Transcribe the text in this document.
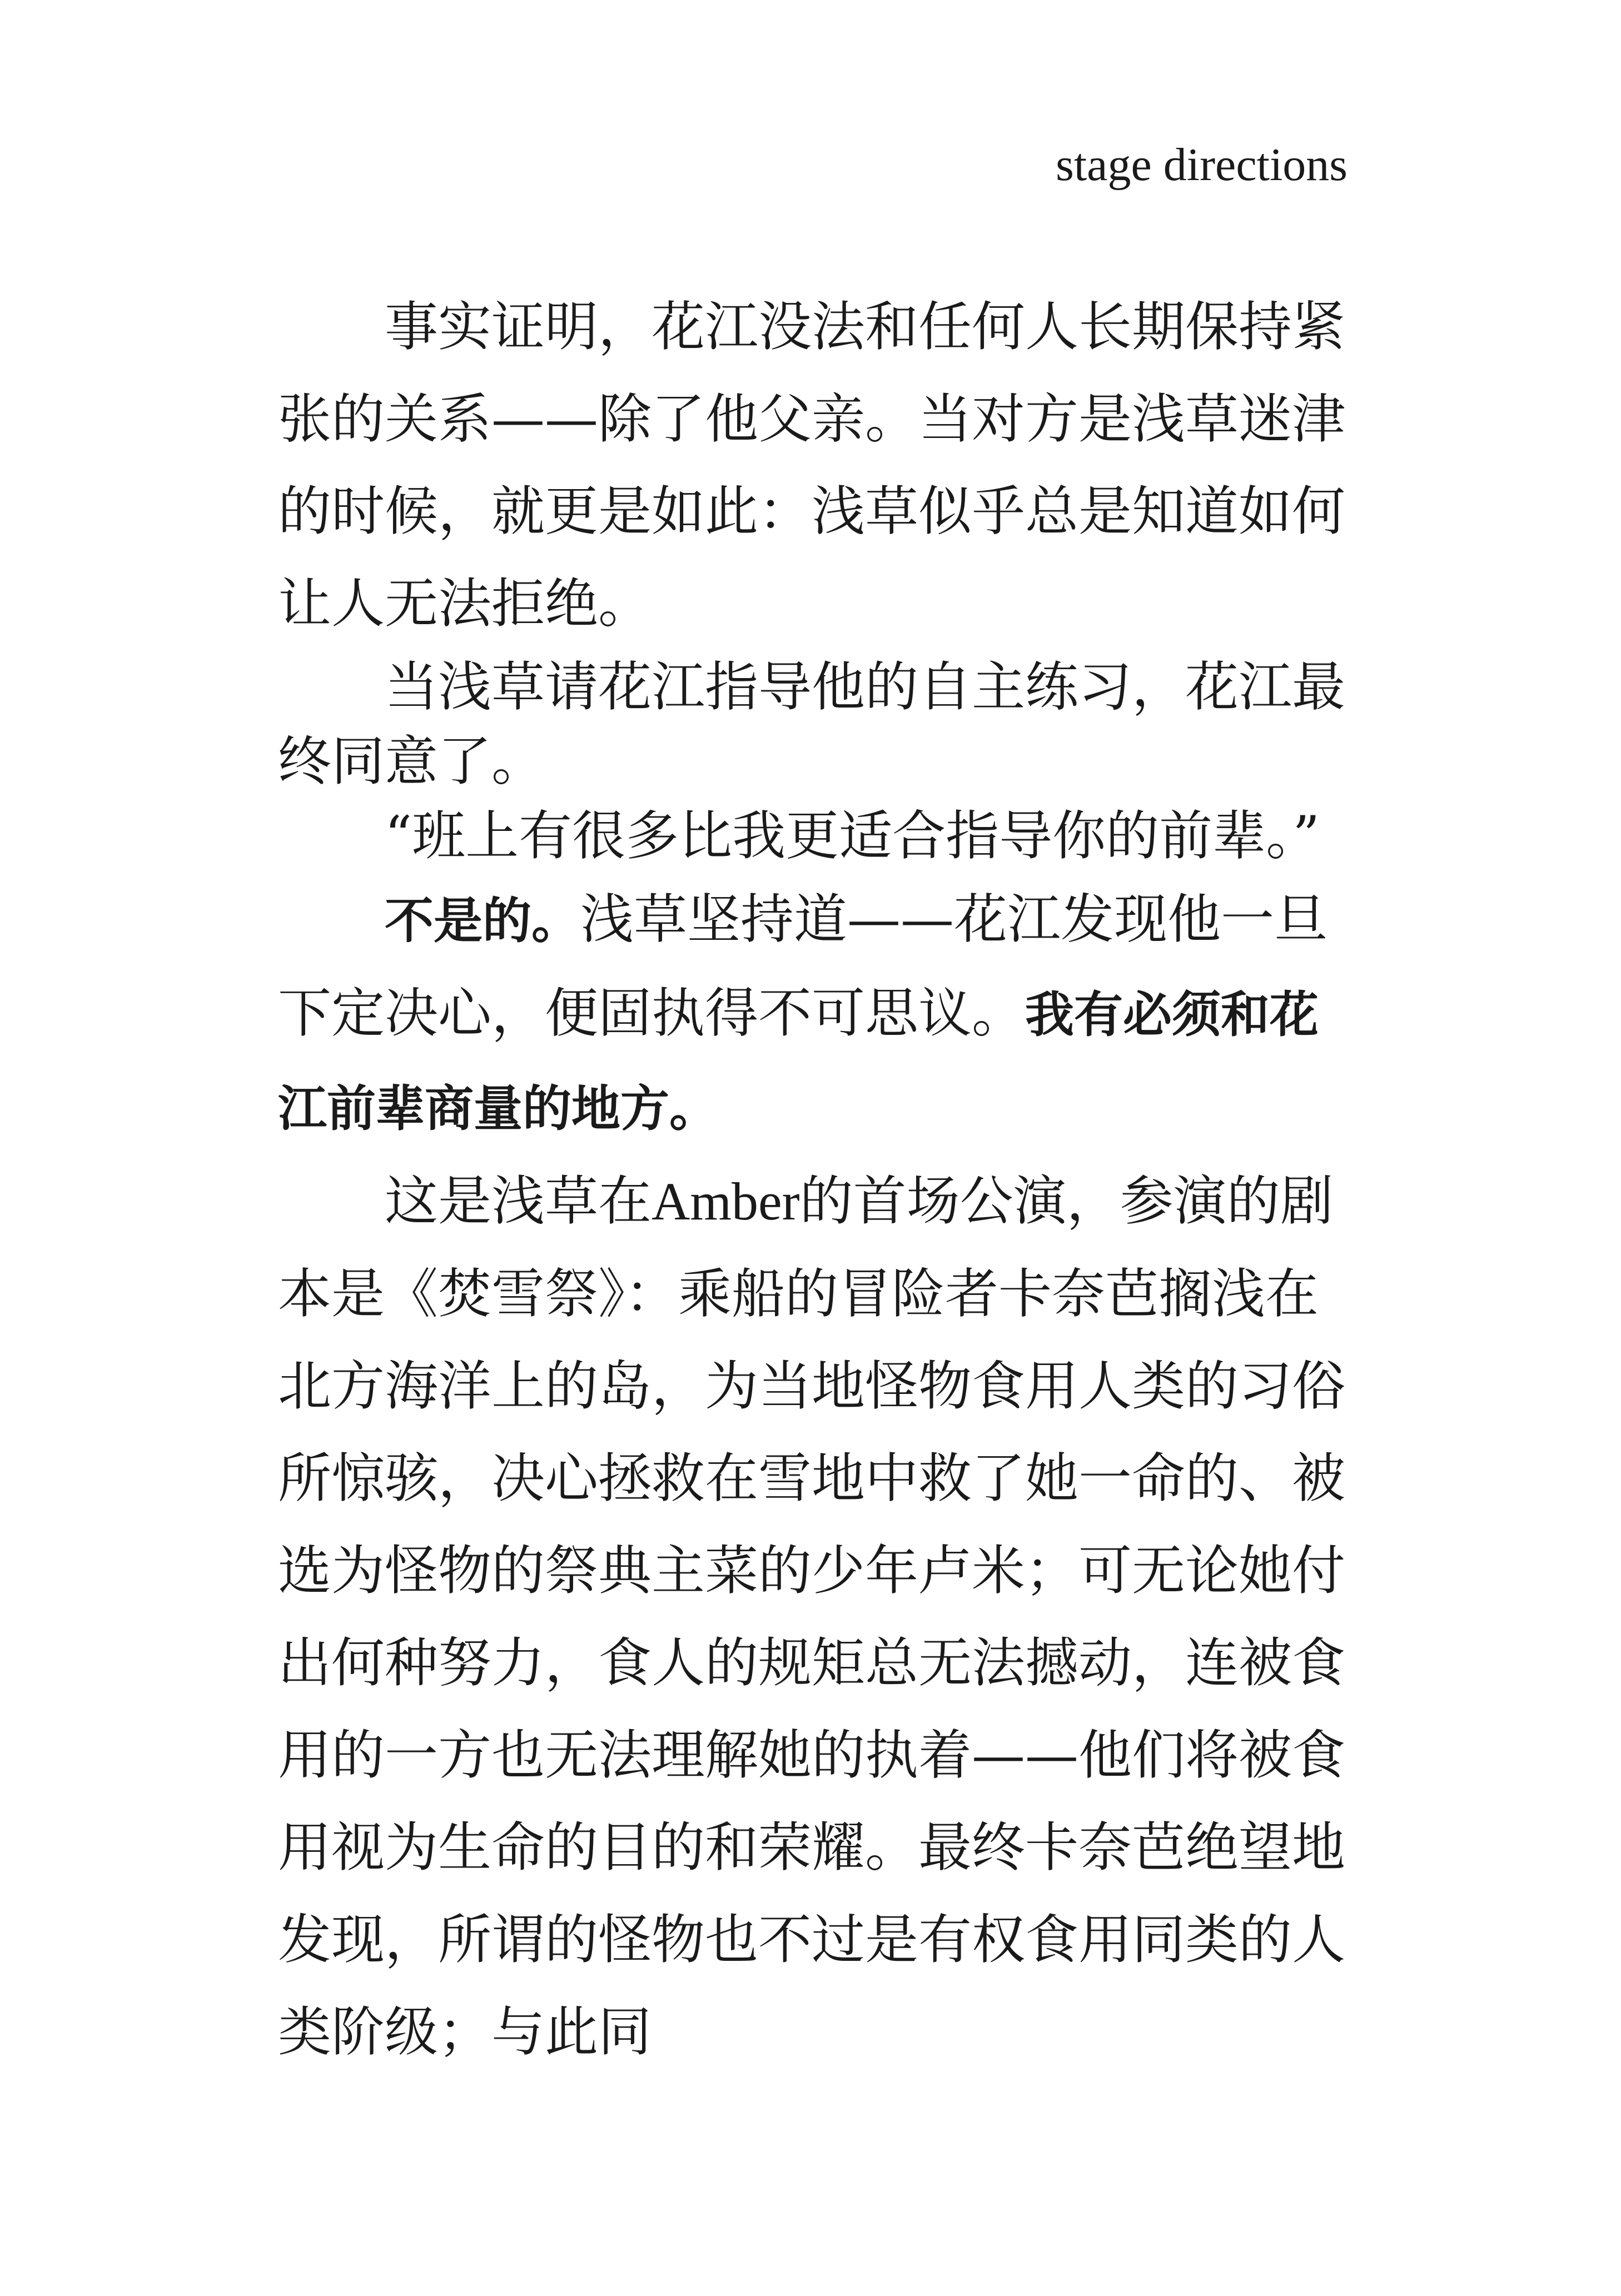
stage directions

事实证明，花江没法和任何人长期保持紧张的关系——除了他父亲。当对方是浅草迷津的时候，就更是如此：浅草似乎总是知道如何让人无法拒绝。

当浅草请花江指导他的自主练习，花江最终同意了。

“班上有很多比我更适合指导你的前辈。”

不是的。浅草坚持道——花江发现他一旦下定决心，便固执得不可思议。我有必须和花江前辈商量的地方。

这是浅草在Amber的首场公演，参演的剧本是《焚雪祭》：乘船的冒险者卡奈芭搁浅在北方海洋上的岛，为当地怪物食用人类的习俗所惊骇，决心拯救在雪地中救了她一命的、被选为怪物的祭典主菜的少年卢米；可无论她付出何种努力，食人的规矩总无法撼动，连被食用的一方也无法理解她的执着——他们将被食用视为生命的目的和荣耀。最终卡奈芭绝望地发现，所谓的怪物也不过是有权食用同类的人类阶级；与此同
